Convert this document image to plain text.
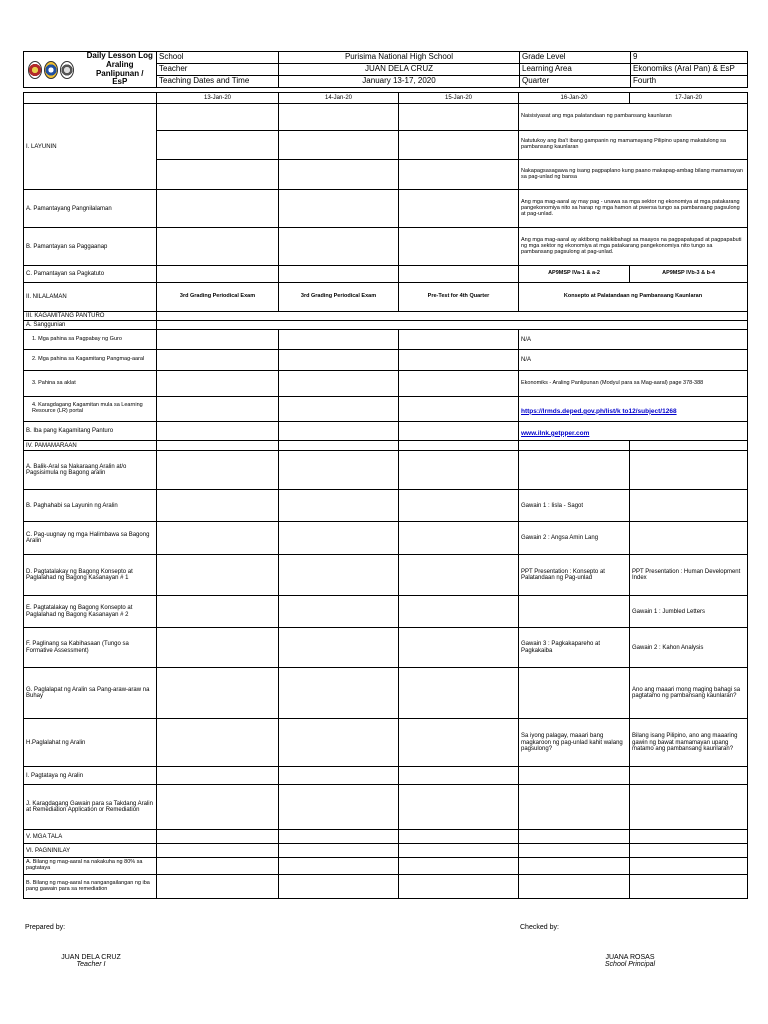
	Daily Lesson Log
Araling Panlipunan /
EsP	School	Purisima National High School	Grade Level	9
		Teacher	JUAN DELA CRUZ	Learning Area	Ekonomiks (Aral Pan) & EsP
		Teaching Dates and Time	January 13-17, 2020	Quarter	Fourth
	13-Jan-20	14-Jan-20	15-Jan-20	16-Jan-20	17-Jan-20
I. LAYUNIN				Naisisiyasat ang mga palatandaan ng pambansang kaunlaran	
				Natutukoy ang iba't ibang gampanin ng mamamayang Pilipino upang makatulong sa pambansang kaunlaran	
				Nakapagsasagawa ng isang pagpaplano kung paano makapag-ambag bilang mamamayan sa pag-unlad ng bansa	
A. Pamantayang Pangnilalaman				Ang mga mag-aaral ay may pag - unawa sa mga sektor ng ekonomiya at mga patakarang pangekonomiya nito sa harap ng mga hamon at pwersa tungo sa pambansang pagsulong at pag-unlad.	
B. Pamantayan sa Paggaanap				Ang mga mag-aaral ay aktibong nakikibahagi sa maayos na pagpapatupad at pagpapabuti ng mga sektor ng ekonomiya at mga patakarang pangekonomiya nito tungo sa pambansang pagsulong at pag-unlad.	
C. Pamantayan sa Pagkatuto				AP9MSP IVa-1 & a-2	AP9MSP IVb-3 & b-4
II. NILALAMAN	3rd Grading Periodical Exam	3rd Grading Periodical Exam	Pre-Test for 4th Quarter	Konsepto at Palatandaan ng Pambansang Kaunlaran	
III. KAGAMITANG PANTURO					
A. Sanggunian					
1. Mga pahina sa Pagpabay ng Guro				N/A	
2. Mga pahina sa Kagamitang Pangmag-aaral				N/A	
3. Pahina sa aklat				Ekonomiks - Araling Panlipunan (Modyul para sa Mag-aaral) page 378-388	
4. Karagdagang Kagamitan mula sa Learning Resource (LR) portal				https://lrmds.deped.gov.ph/list/k to12/subject/1268	
B. Iba pang Kagamitang Panturo				www.ilnk.getpper.com	
IV. PAMAMARAAN					
A. Balik-Aral sa Nakaraang Aralin at/o Pagsisimula ng Bagong aralin					
B. Paghahabi sa Layunin ng Aralin				Gawain 1 : Iisla - Sagot	
C. Pag-uugnay ng mga Halimbawa sa Bagong Aralin				Gawain 2 : Angsa Amin Lang	
D. Pagtatalakay ng Bagong Konsepto at Paglalahad ng Bagong Kasanayan # 1				PPT Presentation : Konsepto at Palatandaan ng Pag-unlad	PPT Presentation : Human Development Index
E. Pagtatalakay ng Bagong Konsepto at Paglalahad ng Bagong Kasanayan # 2					Gawain 1 : Jumbled Letters
F. Paglinang sa Kabihasaan (Tungo sa Formative Assessment)				Gawain 3 : Pagkakapareho at Pagkakaiba	Gawain 2 : Kahon Analysis
G. Paglalapat ng Aralin sa Pang-araw-araw na Buhay					Ano ang maaari mong maging bahagi sa pagtatamo ng pambansang kaunlaran?
H.Paglalahat ng Aralin				Sa iyong palagay, maaari bang magkaroon ng pag-unlad kahit walang pagsulong?	Bilang isang Pilipino, ano ang maaaring gawin ng bawat mamamayan upang matamo ang pambansang kaunlaran?
I. Pagtataya ng Aralin					
J. Karagdagang Gawain para sa Takdang Aralin at Remediation Application or Remediation					
V. MGA TALA					
VI. PAGNINILAY					
A. Bilang ng mag-aaral na nakakuha ng 80% sa pagtataya					
B. Bilang ng mag-aaral na nangangailangan ng iba pang gawain para sa remediation					
Prepared by:	Checked by:
JUAN DELA CRUZ
Teacher I
JUANA ROSAS
School Principal
